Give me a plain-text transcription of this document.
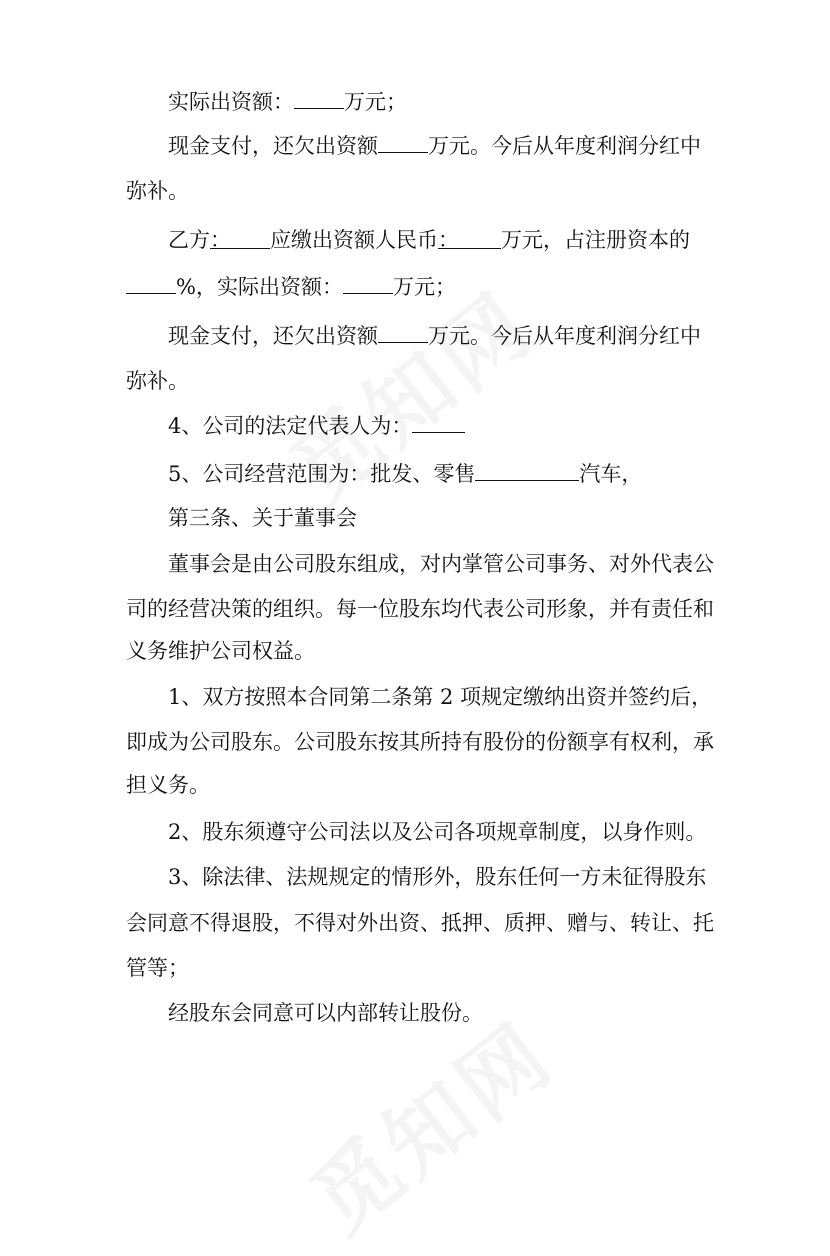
实际出资额： 万元；
现金支付，还欠出资额 万元。今后从年度利润分红中
弥补。
乙方： 应缴出资额人民币： 万元，占注册资本的
%，实际出资额： 万元；
现金支付，还欠出资额 万元。今后从年度利润分红中
弥补。
4、公司的法定代表人为：
5、公司经营范围为：批发、零售	汽车，
第三条、关于董事会
董事会是由公司股东组成，对内掌管公司事务、对外代表公
司的经营决策的组织。每一位股东均代表公司形象，并有责任和
义务维护公司权益。
1、双方按照本合同第二条第 2 项规定缴纳出资并签约后，
即成为公司股东。公司股东按其所持有股份的份额享有权利，承
担义务。
2、股东须遵守公司法以及公司各项规章制度，以身作则。
3、除法律、法规规定的情形外，股东任何一方未征得股东
会同意不得退股，不得对外出资、抵押、质押、赠与、转让、托
管等；
经股东会同意可以内部转让股份。
